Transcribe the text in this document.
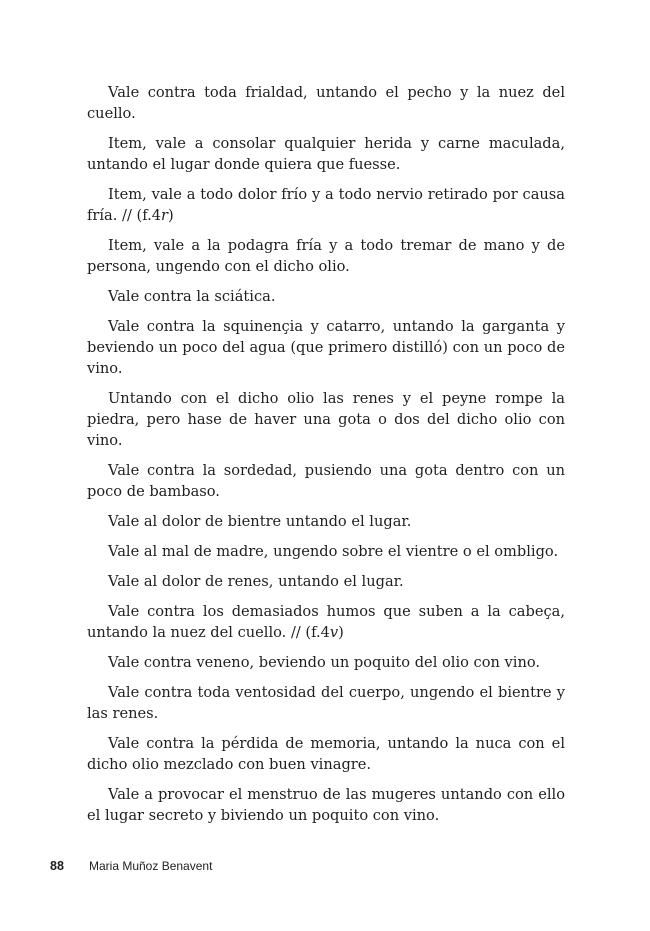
Vale contra toda frialdad, untando el pecho y la nuez del cuello.

Item, vale a consolar qualquier herida y carne maculada, untando el lugar donde quiera que fuesse.

Item, vale a todo dolor frío y a todo nervio retirado por causa fría. // (f.4r)

Item, vale a la podagra fría y a todo tremar de mano y de persona, ungendo con el dicho olio.

Vale contra la sciática.

Vale contra la squinençia y catarro, untando la garganta y beviendo un poco del agua (que primero distilló) con un poco de vino.

Untando con el dicho olio las renes y el peyne rompe la piedra, pero hase de haver una gota o dos del dicho olio con vino.

Vale contra la sordedad, pusiendo una gota dentro con un poco de bambaso.

Vale al dolor de bientre untando el lugar.

Vale al mal de madre, ungendo sobre el vientre o el ombligo.

Vale al dolor de renes, untando el lugar.

Vale contra los demasiados humos que suben a la cabeça, untando la nuez del cuello. // (f.4v)

Vale contra veneno, beviendo un poquito del olio con vino.

Vale contra toda ventosidad del cuerpo, ungendo el bientre y las renes.

Vale contra la pérdida de memoria, untando la nuca con el dicho olio mezclado con buen vinagre.

Vale a provocar el menstruo de las mugeres untando con ello el lugar secreto y biviendo un poquito con vino.

88 Maria Muñoz Benavent
